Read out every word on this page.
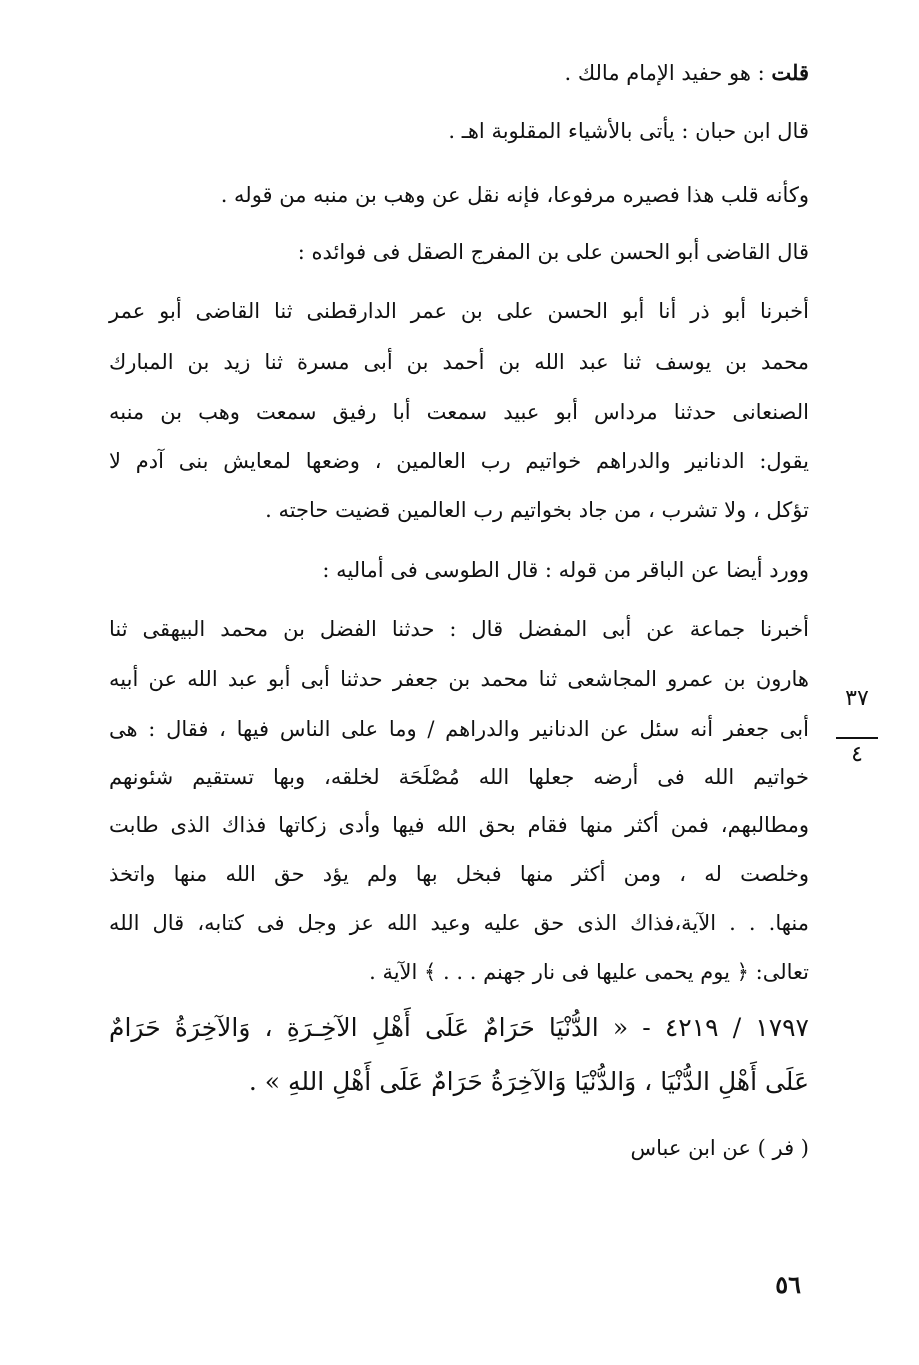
قلت : هو حفيد الإمام مالك .
قال ابن حبان : يأتى بالأشياء المقلوبة اهـ .
وكأنه قلب هذا فصيره مرفوعا، فإنه نقل عن وهب بن منبه من قوله .
قال القاضى أبو الحسن على بن المفرج الصقل فى فوائده :
أخبرنا أبو ذر أنا أبو الحسن على بن عمر الدارقطنى ثنا القاضى أبو عمر
محمد بن يوسف ثنا عبد الله بن أحمد بن أبى مسرة ثنا زيد بن المبارك
الصنعانى حدثنا مرداس أبو عبيد سمعت أبا رفيق سمعت وهب بن منبه
يقول: الدنانير والدراهم خواتيم رب العالمين ، وضعها لمعايش بنى آدم لا
تؤكل ، ولا تشرب ، من جاد بخواتيم رب العالمين قضيت حاجته .
وورد أيضا عن الباقر من قوله : قال الطوسى فى أماليه :
أخبرنا جماعة عن أبى المفضل قال : حدثنا الفضل بن محمد البيهقى ثنا
هارون بن عمرو المجاشعى ثنا محمد بن جعفر حدثنا أبى أبو عبد الله عن أبيه
أبى جعفر أنه سئل عن الدنانير والدراهم / وما على الناس فيها ، فقال : هى
خواتيم الله فى أرضه جعلها الله مُصْلَحَة لخلقه، وبها تستقيم شئونهم
ومطالبهم، فمن أكثر منها فقام بحق الله فيها وأدى زكاتها فذاك الذى طابت
وخلصت له ، ومن أكثر منها فبخل بها ولم يؤد حق الله منها واتخذ
منها. . . الآية،فذاك الذى حق عليه وعيد الله عز وجل فى كتابه، قال الله
تعالى: ﴿ يوم يحمى عليها فى نار جهنم . . . ﴾ الآية .
١٧٩٧ / ٤٢١٩ - « الدُّنْيَا حَرَامٌ عَلَى أَهْلِ الآخِـرَةِ ، وَالآخِرَةُ حَرَامٌ
عَلَى أَهْلِ الدُّنْيَا ، وَالدُّنْيَا وَالآخِرَةُ حَرَامٌ عَلَى أَهْلِ اللهِ » .
( فر ) عن ابن عباس
٣٧
٤
٥٦
